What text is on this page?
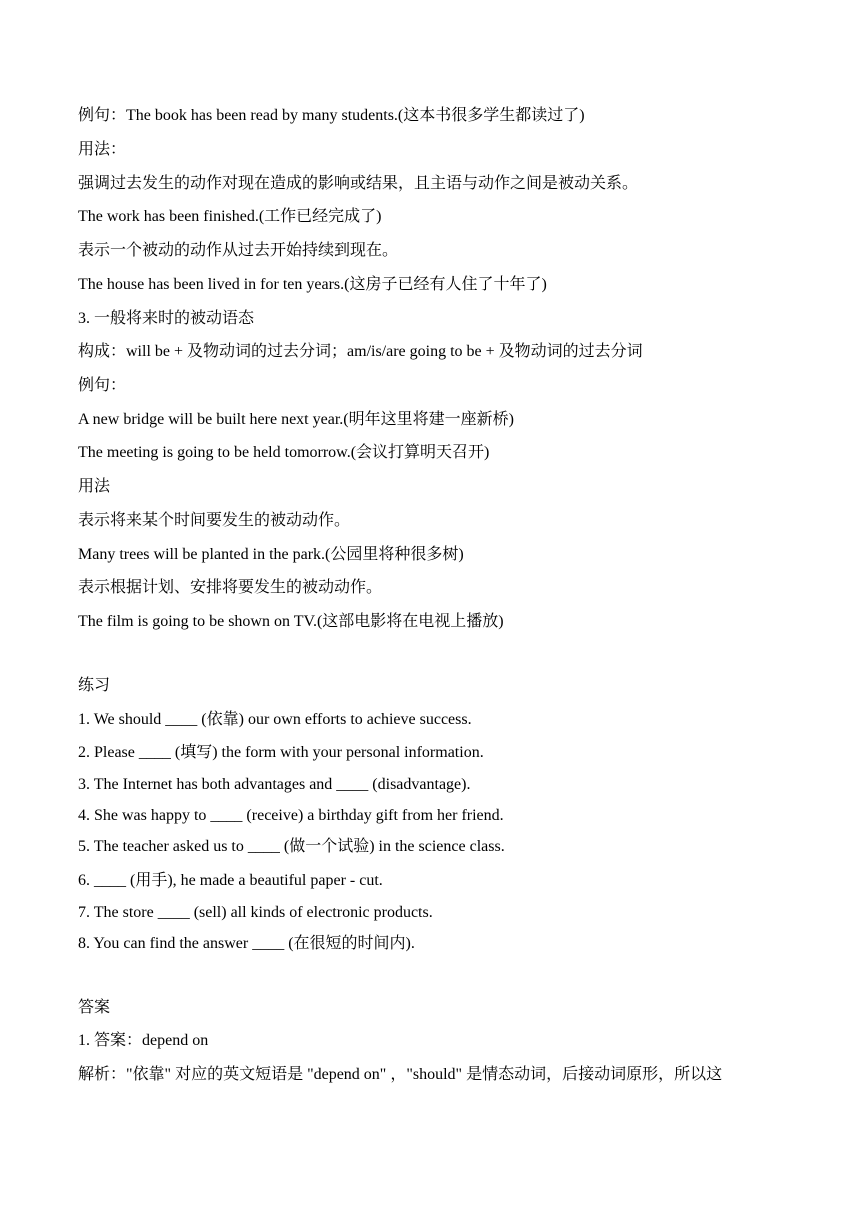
例句：The book has been read by many students.(这本书很多学生都读过了)
用法：
强调过去发生的动作对现在造成的影响或结果，且主语与动作之间是被动关系。
The work has been finished.(工作已经完成了)
表示一个被动的动作从过去开始持续到现在。
The house has been lived in for ten years.(这房子已经有人住了十年了)
3. 一般将来时的被动语态
构成：will be + 及物动词的过去分词；am/is/are going to be + 及物动词的过去分词
例句：
A new bridge will be built here next year.(明年这里将建一座新桥)
The meeting is going to be held tomorrow.(会议打算明天召开)
用法
表示将来某个时间要发生的被动动作。
Many trees will be planted in the park.(公园里将种很多树)
表示根据计划、安排将要发生的被动动作。
The film is going to be shown on TV.(这部电影将在电视上播放)
练习
1. We should ____ (依靠) our own efforts to achieve success.
2. Please ____ (填写) the form with your personal information.
3. The Internet has both advantages and ____ (disadvantage).
4. She was happy to ____ (receive) a birthday gift from her friend.
5. The teacher asked us to ____ (做一个试验) in the science class.
6. ____ (用手), he made a beautiful paper - cut.
7. The store ____ (sell) all kinds of electronic products.
8. You can find the answer ____ (在很短的时间内).
答案
1. 答案：depend on
解析："依靠" 对应的英文短语是 "depend on" ，"should" 是情态动词，后接动词原形，所以这
